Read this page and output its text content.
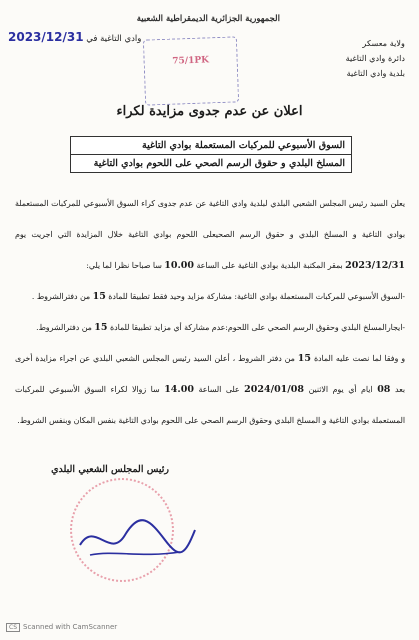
الجمهورية الجزائرية الديمقراطية الشعبية
وادي التاغية في 2023/12/31	ولاية معسكر
دائرة وادي التاغية
بلدية وادي التاغية

75/1PK
اعلان عن عدم جدوى مزايدة لكراء
السوق الأسبوعي للمركبات المستعملة بوادي التاغية
المسلخ البلدي و حقوق الرسم الصحي على اللحوم بوادي التاغية

يعلن السيد رئيس المجلس الشعبي البلدي لبلدية وادي التاغية عن عدم جدوى كراء السوق الأسبوعي للمركبات المستعملة بوادي التاغية و المسلخ البلدي و حقوق الرسم الصحيعلى اللحوم بوادي التاغية خلال المزايدة التي اجريت يوم 2023/12/31 بمقر المكتبة البلدية بوادي التاغية على الساعة 10.00 سا صباحا نظرا لما يلي:

-السوق الأسبوعي للمركبات المستعملة بوادي التاغية: مشاركة مزايد وحيد فقط تطبيقا للمادة 15 من دفترالشروط .

-ايجارالمسلخ البلدي وحقوق الرسم الصحي على اللحوم:عدم مشاركة أي مزايد تطبيقا للمادة 15 من دفترالشروط.

و وفقا لما نصت عليه المادة 15 من دفتر الشروط ، أعلن السيد رئيس المجلس الشعبي البلدي عن اجراء مزايدة أخرى بعد 08 ايام أي يوم الاثنين 2024/01/08 على الساعة 14.00 سا زوالا لكراء السوق الأسبوعي للمركبات المستعملة بوادي التاغية و المسلخ البلدي وحقوق الرسم الصحي على اللحوم بوادي التاغية بنفس المكان وبنفس الشروط.

رئيس المجلس الشعبي البلدي
CS Scanned with CamScanner
